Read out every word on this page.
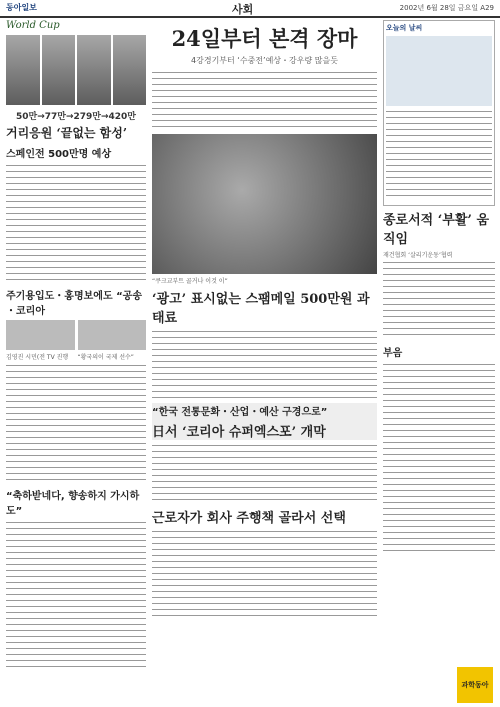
동아일보	사회	2002년 6월 28일 금요일 A29
World Cup
50만→77만→279만→420만
거리응원 ‘끝없는 함성’
스페인전 500만명 예상
주기용입도・홍명보에도 “공송 ・코리아
김영진 시민(전 TV 진행	“황국의이 국제 선수”
“축하받네다, 향송하지 가시하도”
24일부터 본격 장마
4강경기부터 ‘수중전’예상・강우량 많을듯
“쿠크교부트 골거나 이것 이”
‘광고’ 표시없는 스팸메일 500만원 과태료
“한국 전통문화・산업・예산 구경으로”
日서 ‘코리아 슈퍼엑스포’ 개막
근로자가 회사 주행책 골라서 선택
오늘의 날씨
종로서적 ‘부활’ 움직임
재건협회 ‘살리기운동’협력
부음
과학동아
